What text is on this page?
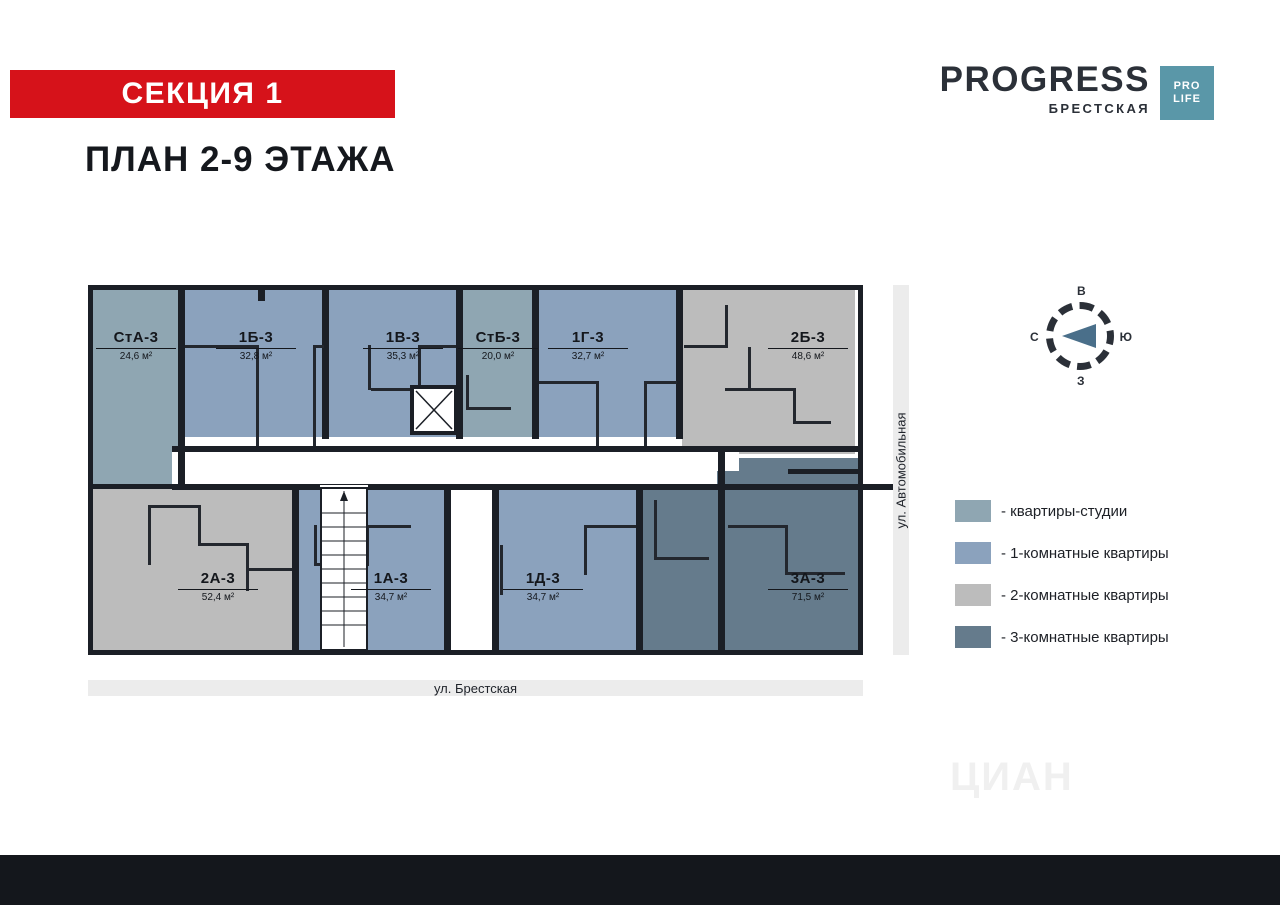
СЕКЦИЯ 1
ПЛАН 2-9 ЭТАЖА
PROGRESS
БРЕСТСКАЯ
PRO
LIFE
СтА-3
24,6 м²
1Б-3
32,8 м²
1В-3
35,3 м²
СтБ-3
20,0 м²
1Г-3
32,7 м²
2Б-3
48,6 м²
2А-3
52,4 м²
1А-3
34,7 м²
1Д-3
34,7 м²
3А-3
71,5 м²
ул. Брестская
ул. Автомобильная
В
З
С	Ю
- квартиры-студии
- 1-комнатные квартиры
- 2-комнатные квартиры
- 3-комнатные квартиры
ЦИАН
